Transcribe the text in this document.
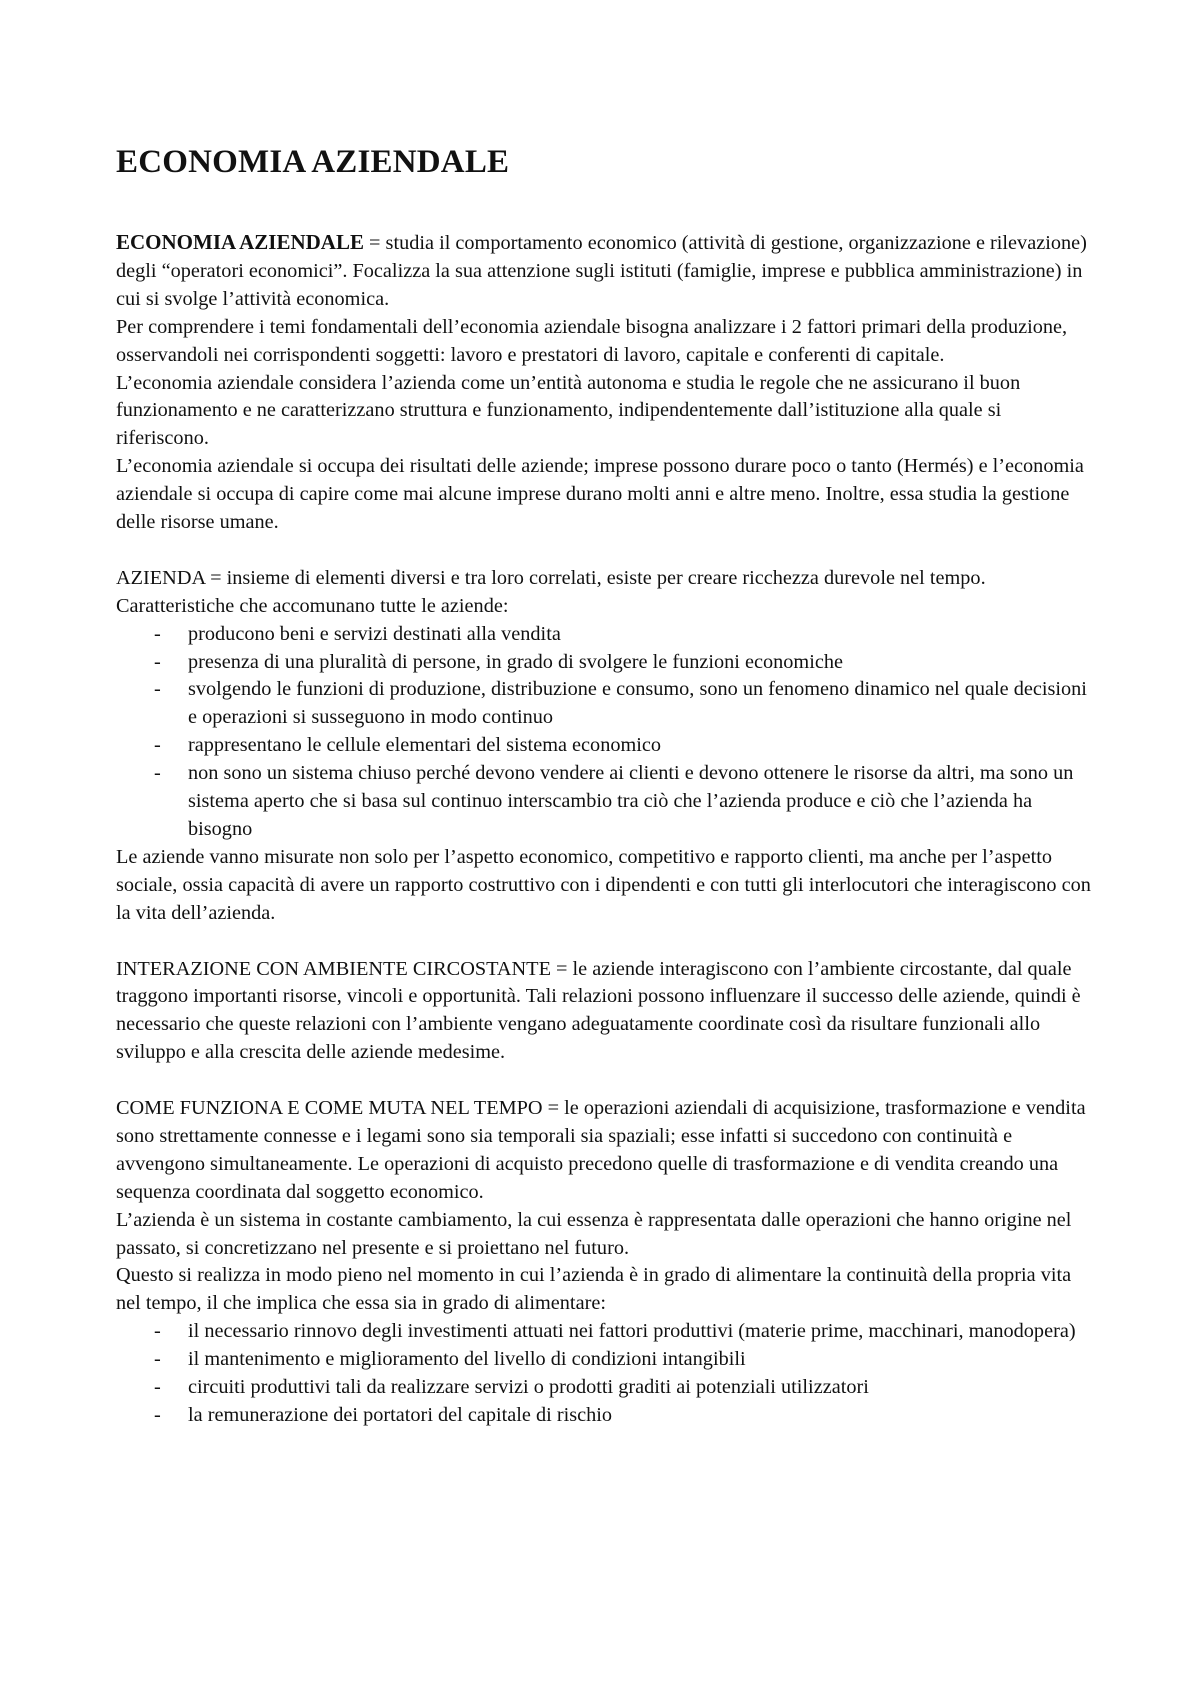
ECONOMIA AZIENDALE

ECONOMIA AZIENDALE = studia il comportamento economico (attività di gestione, organizzazione e rilevazione) degli “operatori economici”. Focalizza la sua attenzione sugli istituti (famiglie, imprese e pubblica amministrazione) in cui si svolge l’attività economica.

Per comprendere i temi fondamentali dell’economia aziendale bisogna analizzare i 2 fattori primari della produzione, osservandoli nei corrispondenti soggetti: lavoro e prestatori di lavoro, capitale e conferenti di capitale.

L’economia aziendale considera l’azienda come un’entità autonoma e studia le regole che ne assicurano il buon funzionamento e ne caratterizzano struttura e funzionamento, indipendentemente dall’istituzione alla quale si riferiscono.

L’economia aziendale si occupa dei risultati delle aziende; imprese possono durare poco o tanto (Hermés) e l’economia aziendale si occupa di capire come mai alcune imprese durano molti anni e altre meno. Inoltre, essa studia la gestione delle risorse umane.

AZIENDA = insieme di elementi diversi e tra loro correlati, esiste per creare ricchezza durevole nel tempo.

Caratteristiche che accomunano tutte le aziende:

- producono beni e servizi destinati alla vendita
- presenza di una pluralità di persone, in grado di svolgere le funzioni economiche
- svolgendo le funzioni di produzione, distribuzione e consumo, sono un fenomeno dinamico nel quale decisioni e operazioni si susseguono in modo continuo
- rappresentano le cellule elementari del sistema economico
- non sono un sistema chiuso perché devono vendere ai clienti e devono ottenere le risorse da altri, ma sono un sistema aperto che si basa sul continuo interscambio tra ciò che l’azienda produce e ciò che l’azienda ha bisogno

Le aziende vanno misurate non solo per l’aspetto economico, competitivo e rapporto clienti, ma anche per l’aspetto sociale, ossia capacità di avere un rapporto costruttivo con i dipendenti e con tutti gli interlocutori che interagiscono con la vita dell’azienda.

INTERAZIONE CON AMBIENTE CIRCOSTANTE = le aziende interagiscono con l’ambiente circostante, dal quale traggono importanti risorse, vincoli e opportunità. Tali relazioni possono influenzare il successo delle aziende, quindi è necessario che queste relazioni con l’ambiente vengano adeguatamente coordinate così da risultare funzionali allo sviluppo e alla crescita delle aziende medesime.

COME FUNZIONA E COME MUTA NEL TEMPO = le operazioni aziendali di acquisizione, trasformazione e vendita sono strettamente connesse e i legami sono sia temporali sia spaziali; esse infatti si succedono con continuità e avvengono simultaneamente. Le operazioni di acquisto precedono quelle di trasformazione e di vendita creando una sequenza coordinata dal soggetto economico.

L’azienda è un sistema in costante cambiamento, la cui essenza è rappresentata dalle operazioni che hanno origine nel passato, si concretizzano nel presente e si proiettano nel futuro.

Questo si realizza in modo pieno nel momento in cui l’azienda è in grado di alimentare la continuità della propria vita nel tempo, il che implica che essa sia in grado di alimentare:

- il necessario rinnovo degli investimenti attuati nei fattori produttivi (materie prime, macchinari, manodopera)
- il mantenimento e miglioramento del livello di condizioni intangibili
- circuiti produttivi tali da realizzare servizi o prodotti graditi ai potenziali utilizzatori
- la remunerazione dei portatori del capitale di rischio
